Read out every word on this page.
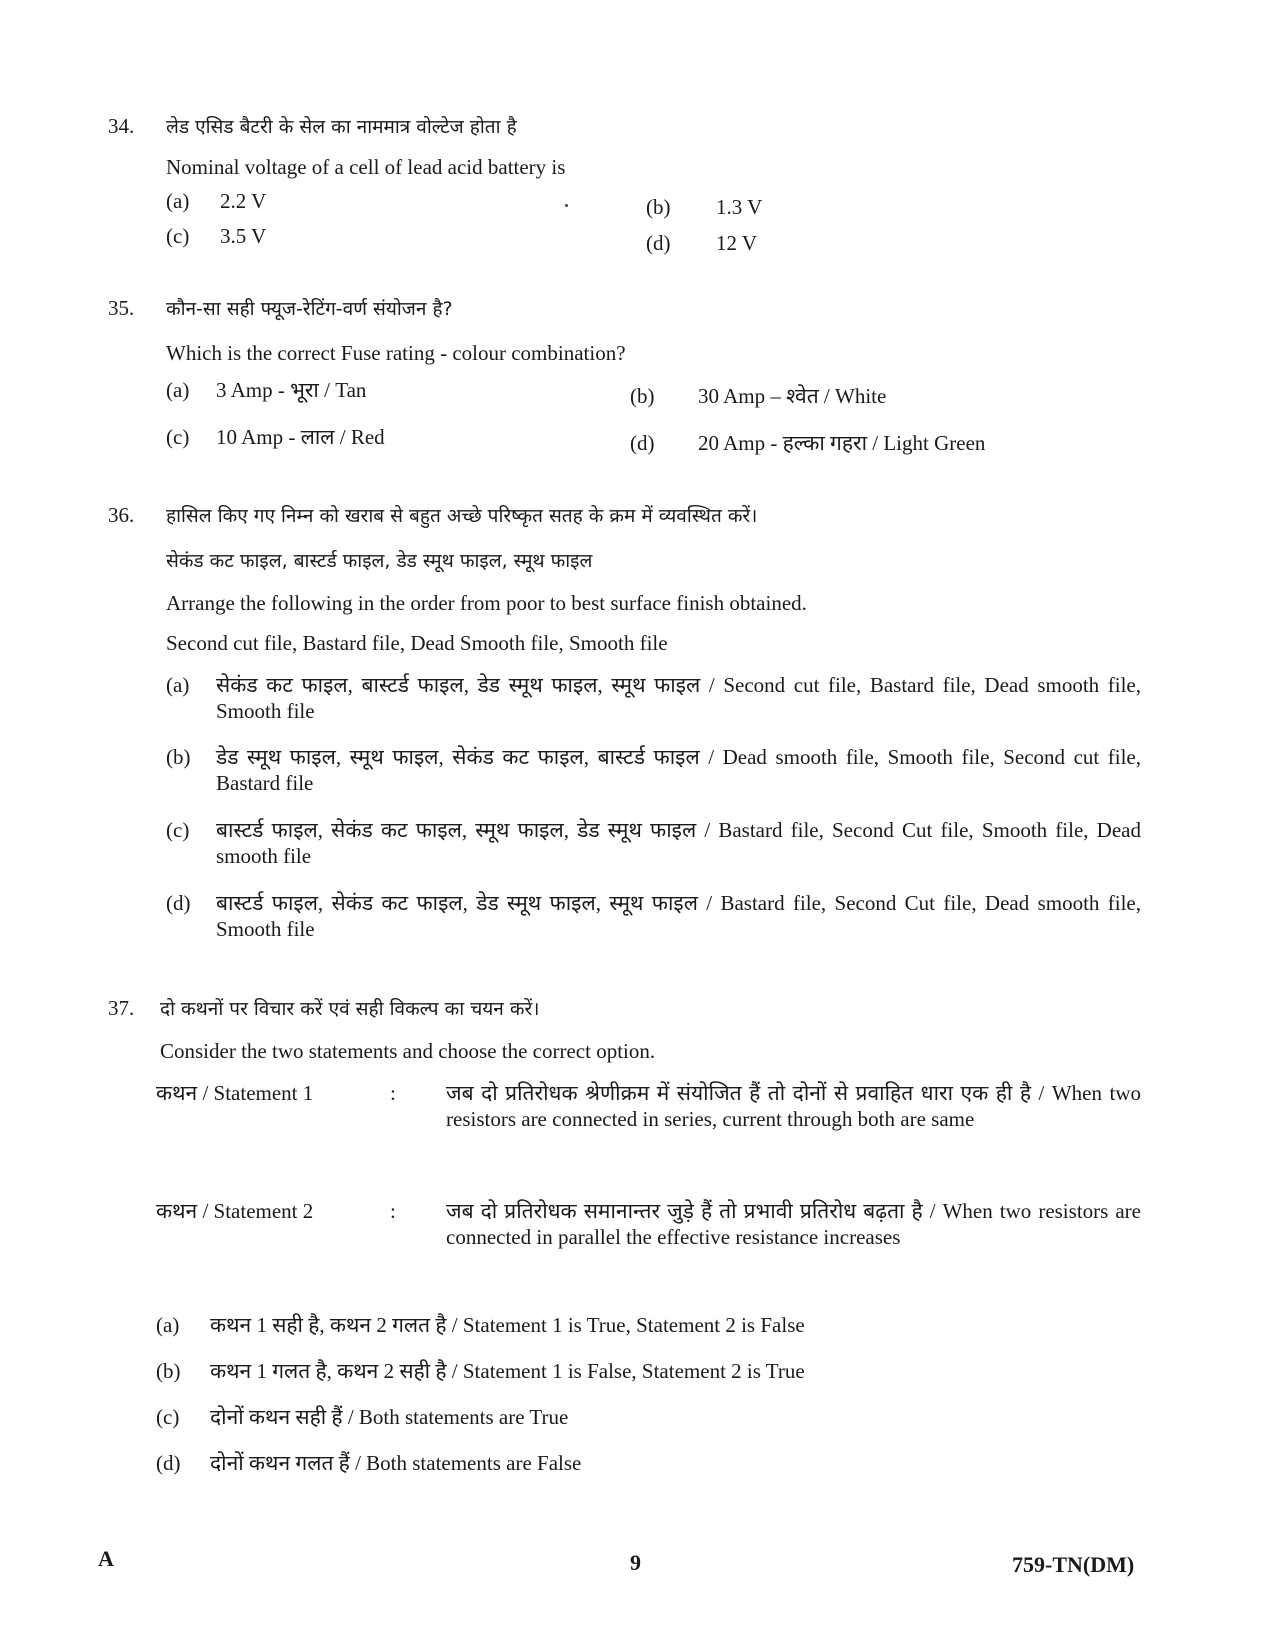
34. लेड एसिड बैटरी के सेल का नाममात्र वोल्टेज होता है
Nominal voltage of a cell of lead acid battery is
(a) 2.2 V	(b) 1.3 V
(c) 3.5 V	(d) 12 V
35. कौन-सा सही फ्यूज-रेटिंग-वर्ण संयोजन है?
Which is the correct Fuse rating - colour combination?
(a) 3 Amp - भूरा / Tan	(b) 30 Amp – श्वेत / White
(c) 10 Amp - लाल / Red	(d) 20 Amp - हल्का गहरा / Light Green
36. हासिल किए गए निम्न को खराब से बहुत अच्छे परिष्कृत सतह के क्रम में व्यवस्थित करें।
सेकंड कट फाइल, बास्टर्ड फाइल, डेड स्मूथ फाइल, स्मूथ फाइल
Arrange the following in the order from poor to best surface finish obtained.
Second cut file, Bastard file, Dead Smooth file, Smooth file
(a) सेकंड कट फाइल, बास्टर्ड फाइल, डेड स्मूथ फाइल, स्मूथ फाइल / Second cut file, Bastard file, Dead smooth file, Smooth file
(b) डेड स्मूथ फाइल, स्मूथ फाइल, सेकंड कट फाइल, बास्टर्ड फाइल / Dead smooth file, Smooth file, Second cut file, Bastard file
(c) बास्टर्ड फाइल, सेकंड कट फाइल, स्मूथ फाइल, डेड स्मूथ फाइल / Bastard file, Second Cut file, Smooth file, Dead smooth file
(d) बास्टर्ड फाइल, सेकंड कट फाइल, डेड स्मूथ फाइल, स्मूथ फाइल / Bastard file, Second Cut file, Dead smooth file, Smooth file
37. दो कथनों पर विचार करें एवं सही विकल्प का चयन करें।
Consider the two statements and choose the correct option.
कथन / Statement 1	: जब दो प्रतिरोधक श्रेणीक्रम में संयोजित हैं तो दोनों से प्रवाहित धारा एक ही है / When two resistors are connected in series, current through both are same
कथन / Statement 2	: जब दो प्रतिरोधक समानान्तर जुड़े हैं तो प्रभावी प्रतिरोध बढ़ता है / When two resistors are connected in parallel the effective resistance increases
(a) कथन 1 सही है, कथन 2 गलत है / Statement 1 is True, Statement 2 is False
(b) कथन 1 गलत है, कथन 2 सही है / Statement 1 is False, Statement 2 is True
(c) दोनों कथन सही हैं / Both statements are True
(d) दोनों कथन गलत हैं / Both statements are False
A	9	759-TN(DM)
